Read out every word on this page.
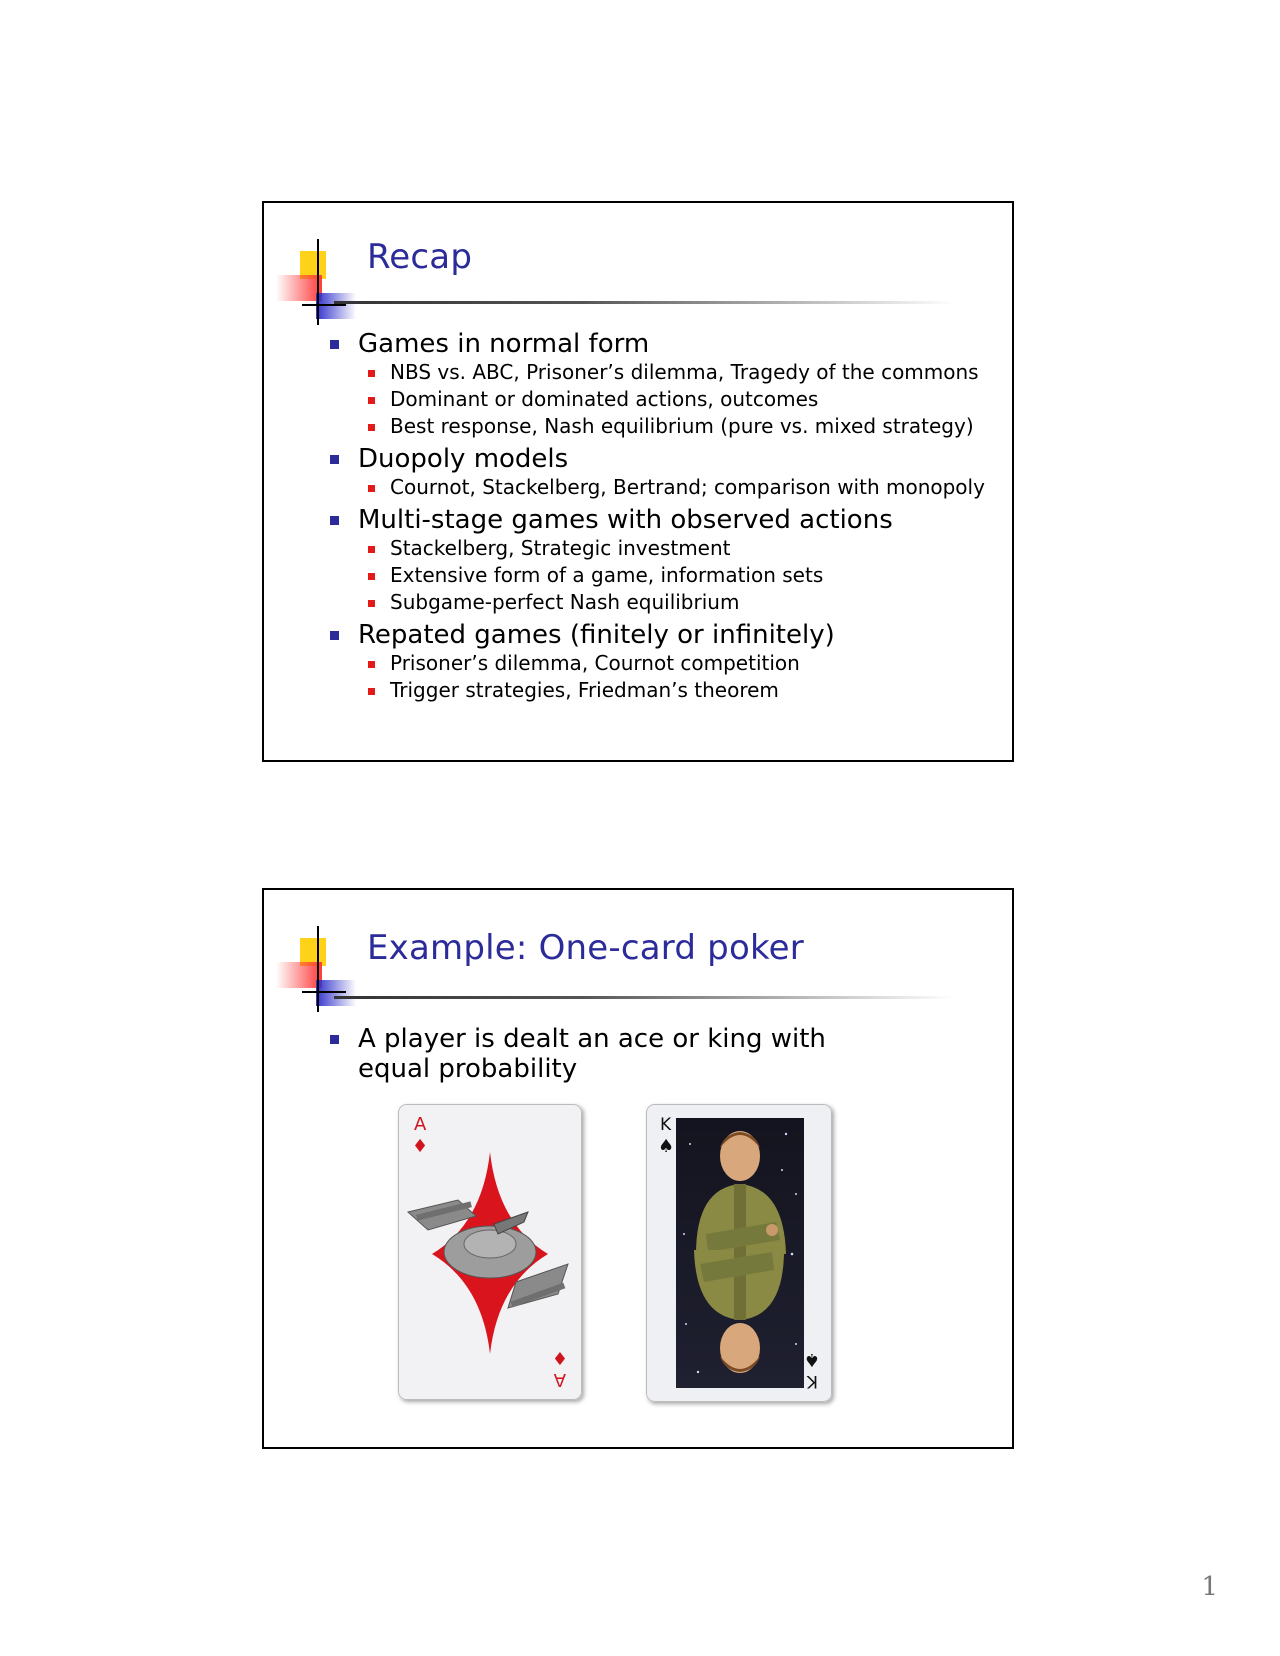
Recap
Games in normal form
NBS vs. ABC, Prisoner’s dilemma, Tragedy of the commons
Dominant or dominated actions, outcomes
Best response, Nash equilibrium (pure vs. mixed strategy)
Duopoly models
Cournot, Stackelberg, Bertrand; comparison with monopoly
Multi-stage games with observed actions
Stackelberg, Strategic investment
Extensive form of a game, information sets
Subgame-perfect Nash equilibrium
Repated games (finitely or infinitely)
Prisoner’s dilemma, Cournot competition
Trigger strategies, Friedman’s theorem
Example: One-card poker
A player is dealt an ace or king with equal probability
A
♦
A
♦
K
♠
K
♠
1
